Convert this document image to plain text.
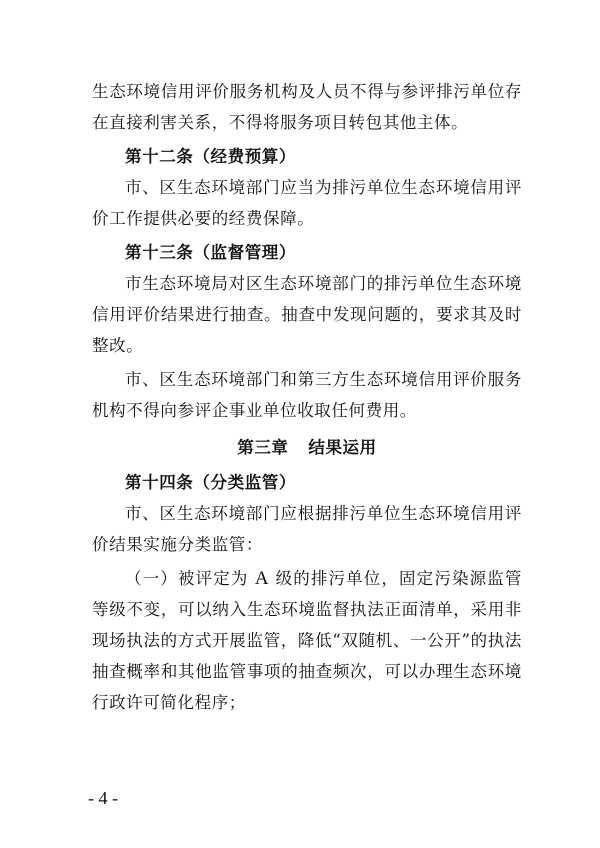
生态环境信用评价服务机构及人员不得与参评排污单位存在直接利害关系，不得将服务项目转包其他主体。

第十二条（经费预算）

市、区生态环境部门应当为排污单位生态环境信用评价工作提供必要的经费保障。

第十三条（监督管理）

市生态环境局对区生态环境部门的排污单位生态环境信用评价结果进行抽查。抽查中发现问题的，要求其及时整改。

市、区生态环境部门和第三方生态环境信用评价服务机构不得向参评企事业单位收取任何费用。

第三章 结果运用

第十四条（分类监管）

市、区生态环境部门应根据排污单位生态环境信用评价结果实施分类监管：

（一）被评定为 A 级的排污单位，固定污染源监管等级不变，可以纳入生态环境监督执法正面清单，采用非现场执法的方式开展监管，降低“双随机、一公开”的执法抽查概率和其他监管事项的抽查频次，可以办理生态环境行政许可简化程序；

- 4 -
